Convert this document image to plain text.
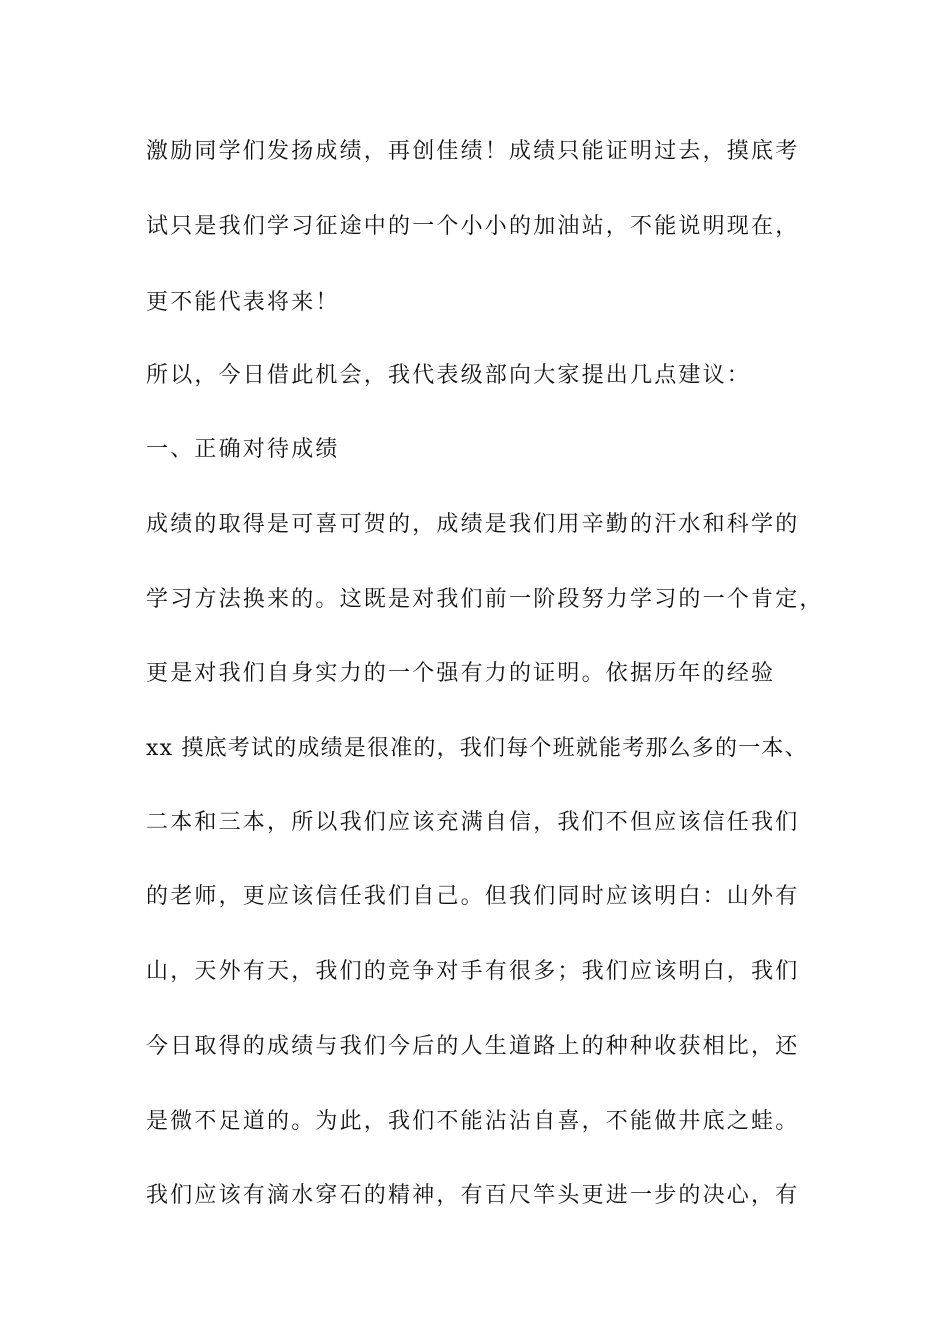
激励同学们发扬成绩，再创佳绩！成绩只能证明过去，摸底考
试只是我们学习征途中的一个小小的加油站，不能说明现在，
更不能代表将来！
所以，今日借此机会，我代表级部向大家提出几点建议：
一、正确对待成绩
成绩的取得是可喜可贺的，成绩是我们用辛勤的汗水和科学的
学习方法换来的。这既是对我们前一阶段努力学习的一个肯定，
更是对我们自身实力的一个强有力的证明。依据历年的经验
xx 摸底考试的成绩是很准的，我们每个班就能考那么多的一本、
二本和三本，所以我们应该充满自信，我们不但应该信任我们
的老师，更应该信任我们自己。但我们同时应该明白：山外有
山，天外有天，我们的竞争对手有很多；我们应该明白，我们
今日取得的成绩与我们今后的人生道路上的种种收获相比，还
是微不足道的。为此，我们不能沾沾自喜，不能做井底之蛙。
我们应该有滴水穿石的精神，有百尺竿头更进一步的决心，有
